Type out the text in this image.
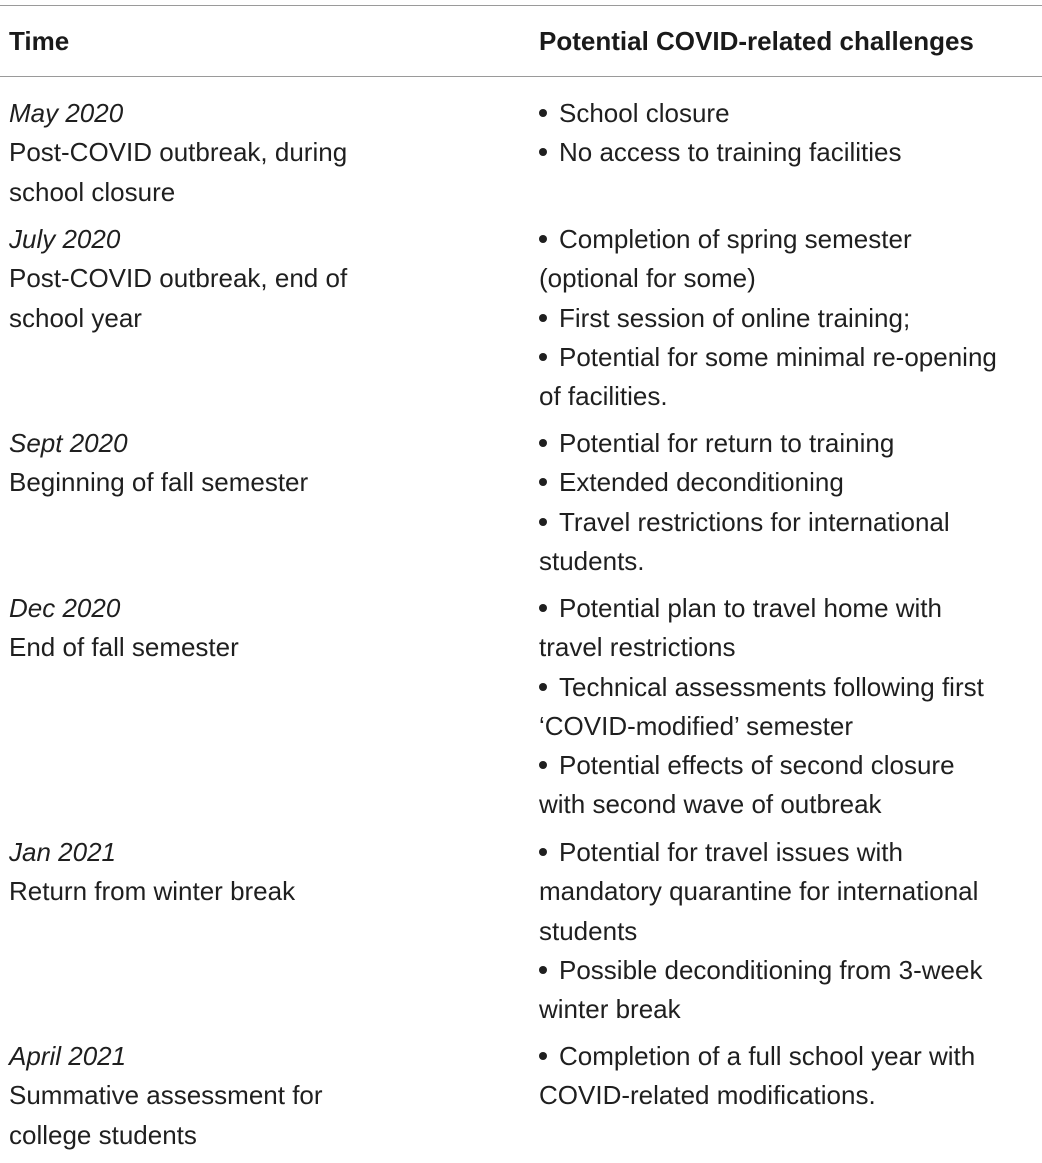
Time	Potential COVID-related challenges
May 2020
Post-COVID outbreak, during
school closure
School closure
No access to training facilities
July 2020
Post-COVID outbreak, end of
school year
Completion of spring semester
(optional for some)
First session of online training;
Potential for some minimal re-opening
of facilities.
Sept 2020
Beginning of fall semester
Potential for return to training
Extended deconditioning
Travel restrictions for international
students.
Dec 2020
End of fall semester
Potential plan to travel home with
travel restrictions
Technical assessments following first
‘COVID-modified’ semester
Potential effects of second closure
with second wave of outbreak
Jan 2021
Return from winter break
Potential for travel issues with
mandatory quarantine for international
students
Possible deconditioning from 3-week
winter break
April 2021
Summative assessment for
college students
Completion of a full school year with
COVID-related modifications.
